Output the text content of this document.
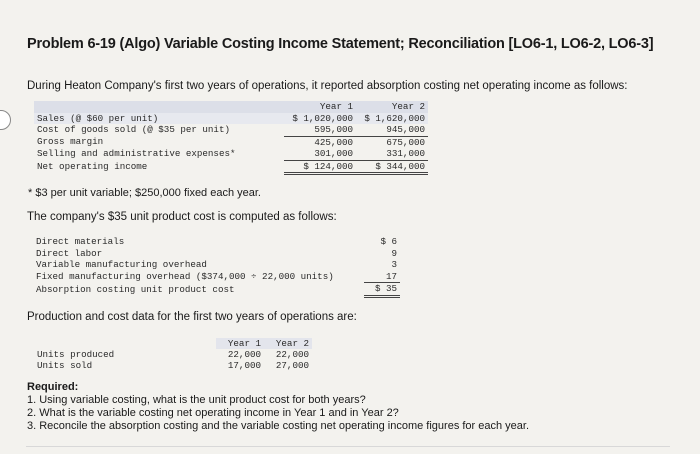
Problem 6-19 (Algo) Variable Costing Income Statement; Reconciliation [LO6-1, LO6-2, LO6-3]
During Heaton Company's first two years of operations, it reported absorption costing net operating income as follows:
	Year 1	Year 2
Sales (@ $60 per unit)	$ 1,020,000	$ 1,620,000
Cost of goods sold (@ $35 per unit)	595,000	945,000
Gross margin	425,000	675,000
Selling and administrative expenses*	301,000	331,000
Net operating income	$ 124,000	$ 344,000
* $3 per unit variable; $250,000 fixed each year.
The company's $35 unit product cost is computed as follows:
Direct materials	$ 6
Direct labor	9
Variable manufacturing overhead	3
Fixed manufacturing overhead ($374,000 ÷ 22,000 units)	17
Absorption costing unit product cost	$ 35
Production and cost data for the first two years of operations are:
	Year 1	Year 2
Units produced	22,000	22,000
Units sold	17,000	27,000
Required:
1. Using variable costing, what is the unit product cost for both years?
2. What is the variable costing net operating income in Year 1 and in Year 2?
3. Reconcile the absorption costing and the variable costing net operating income figures for each year.
